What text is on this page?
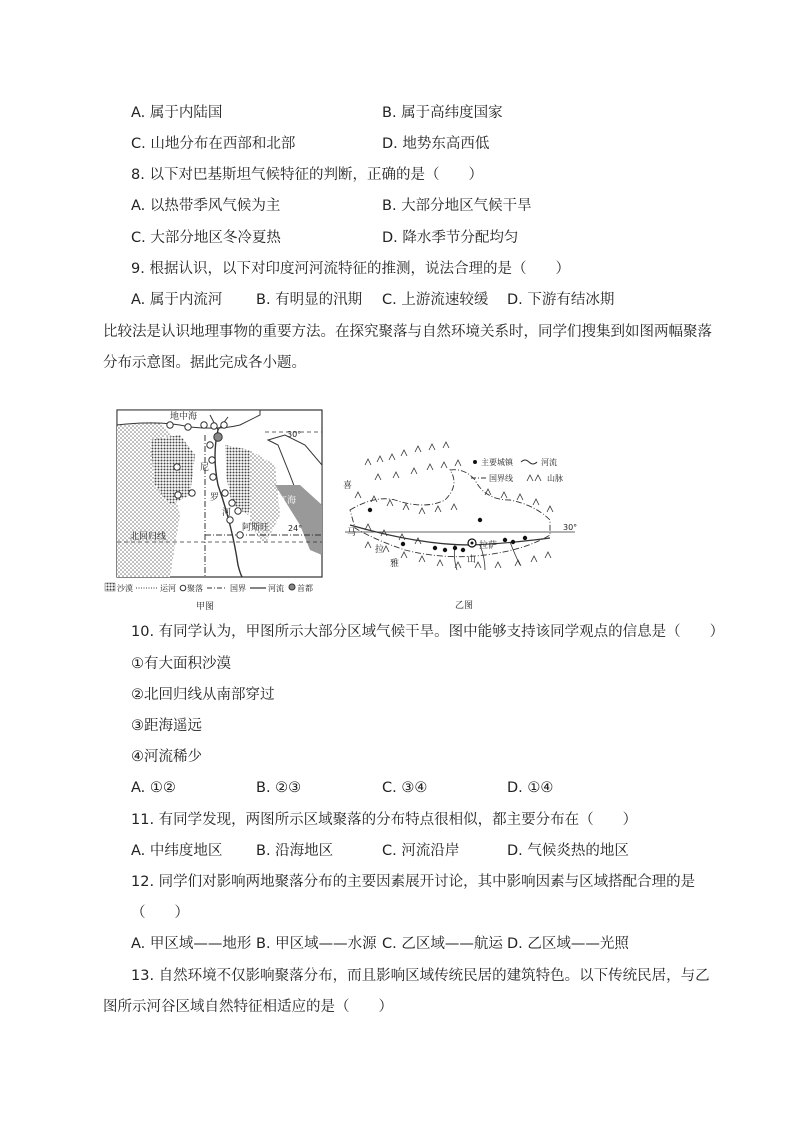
A. 属于内陆国	B. 属于高纬度国家
C. 山地分布在西部和北部	D. 地势东高西低
8. 以下对巴基斯坦气候特征的判断，正确的是（　　）
A. 以热带季风气候为主	B. 大部分地区气候干旱
C. 大部分地区冬冷夏热	D. 降水季节分配均匀
9. 根据认识，以下对印度河河流特征的推测，说法合理的是（　　）
A. 属于内流河 B. 有明显的汛期 C. 上游流速较缓 D. 下游有结冰期
比较法是认识地理事物的重要方法。在探究聚落与自然环境关系时，同学们搜集到如图两幅聚落
分布示意图。据此完成各小题。
地中海
30°
红海
24°
北回归线
阿斯旺
尼
罗
河
沙漠	运河 聚落	国界	河流 首都
甲图
喜
马
拉
雅
拉萨
山
30°
主要城镇	河流
国界线	山脉
乙图
10. 有同学认为，甲图所示大部分区域气候干旱。图中能够支持该同学观点的信息是（　　）
①有大面积沙漠
②北回归线从南部穿过
③距海遥远
④河流稀少
A. ①②	B. ②③	C. ③④	D. ①④
11. 有同学发现，两图所示区域聚落的分布特点很相似，都主要分布在（　　）
A. 中纬度地区 B. 沿海地区	C. 河流沿岸	D. 气候炎热的地区
12. 同学们对影响两地聚落分布的主要因素展开讨论，其中影响因素与区域搭配合理的是
（　　）
A. 甲区域——地形 B. 甲区域——水源 C. 乙区域——航运 D. 乙区域——光照
13. 自然环境不仅影响聚落分布，而且影响区域传统民居的建筑特色。以下传统民居，与乙
图所示河谷区域自然特征相适应的是（　　）
